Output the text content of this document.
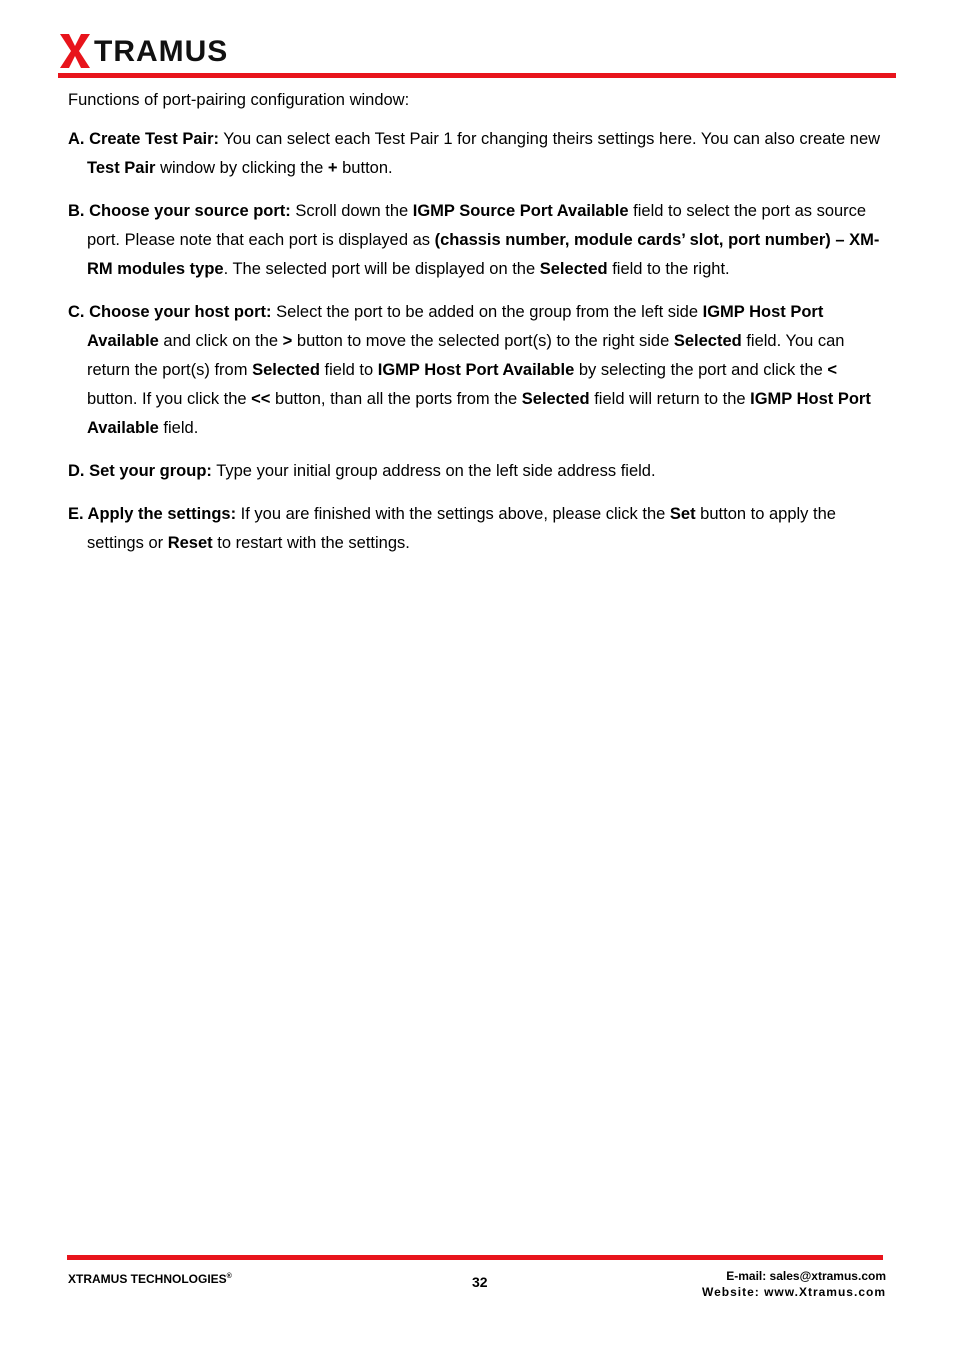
TRAMUS

Functions of port-pairing configuration window:

A. Create Test Pair: You can select each Test Pair 1 for changing theirs settings here. You can also create new Test Pair window by clicking the + button.

B. Choose your source port: Scroll down the IGMP Source Port Available field to select the port as source port. Please note that each port is displayed as (chassis number, module cards’ slot, port number) – XM-RM modules type. The selected port will be displayed on the Selected field to the right.

C. Choose your host port: Select the port to be added on the group from the left side IGMP Host Port Available and click on the > button to move the selected port(s) to the right side Selected field. You can return the port(s) from Selected field to IGMP Host Port Available by selecting the port and click the < button. If you click the << button, than all the ports from the Selected field will return to the IGMP Host Port Available field.

D. Set your group: Type your initial group address on the left side address field.

E. Apply the settings: If you are finished with the settings above, please click the Set button to apply the settings or Reset to restart with the settings.

XTRAMUS TECHNOLOGIES®	32	E-mail: sales@xtramus.com
Website: www.Xtramus.com
